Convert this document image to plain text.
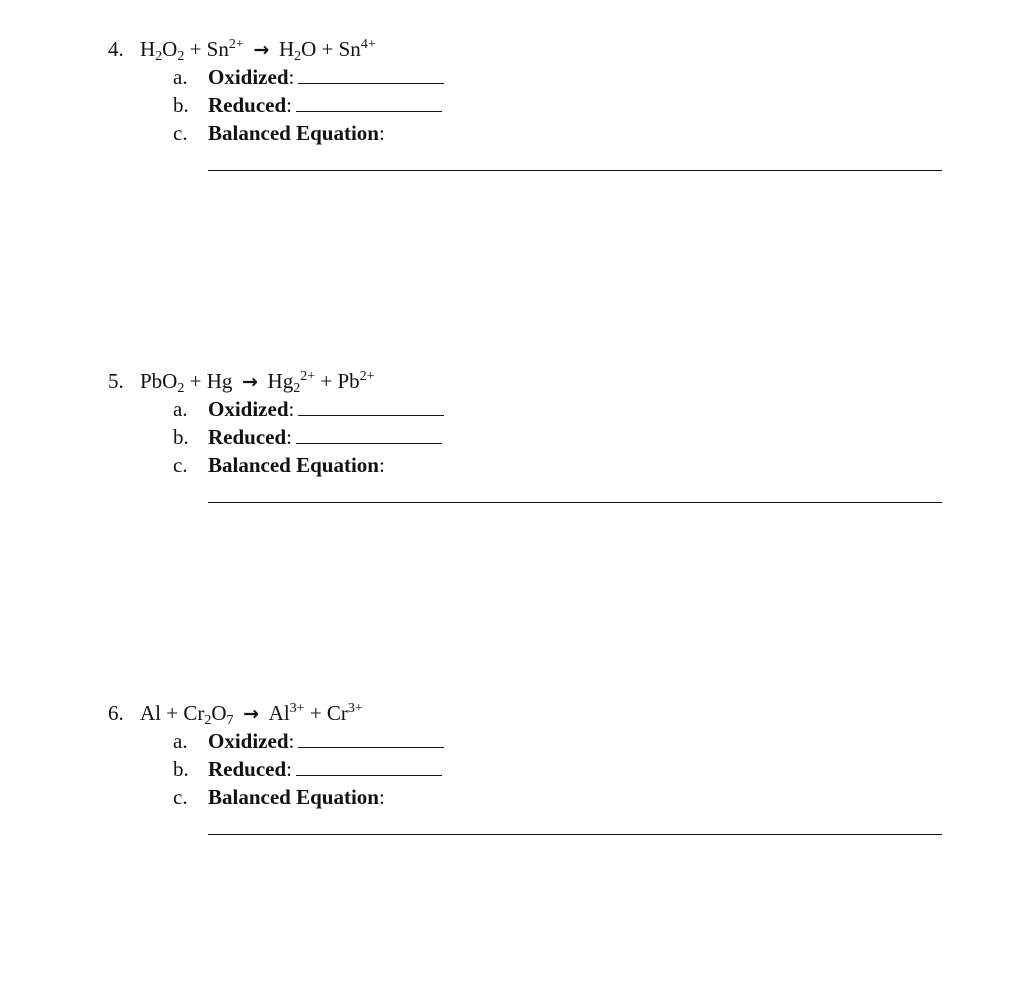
4. $H_2O_2 + Sn^{2+} \to H_2O + Sn^{4+}$
a. Oxidized:
b. Reduced:
c. Balanced Equation:
5. $PbO_2 + Hg \to Hg_2^{2+} + Pb^{2+}$
a. Oxidized:
b. Reduced:
c. Balanced Equation:
6. $Al + Cr_2O_7 \to Al^{3+} + Cr^{3+}$
a. Oxidized:
b. Reduced:
c. Balanced Equation:
